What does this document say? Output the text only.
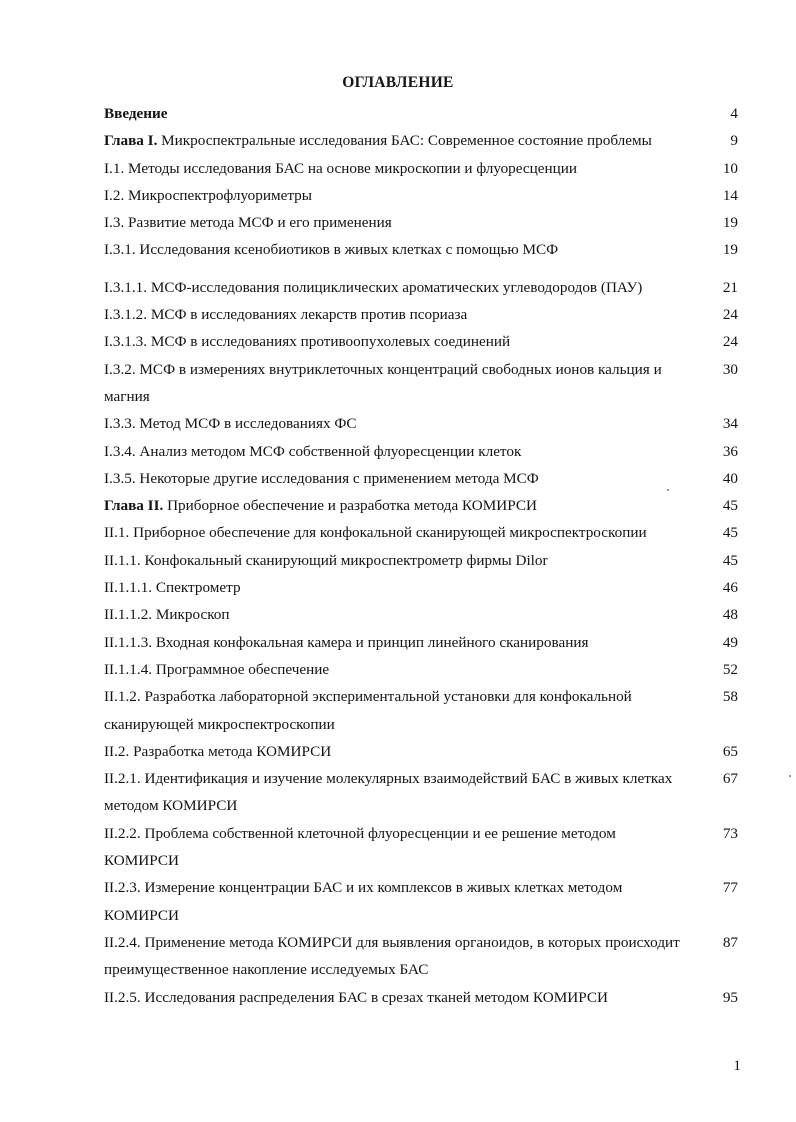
ОГЛАВЛЕНИЕ
Введение	4
Глава I. Микроспектральные исследования БАС: Современное состояние проблемы	9
I.1. Методы исследования БАС на основе микроскопии и флуоресценции	10
I.2. Микроспектрофлуориметры	14
I.3. Развитие метода МСФ и его применения	19
I.3.1. Исследования ксенобиотиков в живых клетках с помощью МСФ	19
I.3.1.1. МСФ-исследования полициклических ароматических углеводородов (ПАУ)	21
I.3.1.2. МСФ в исследованиях лекарств против псориаза	24
I.3.1.3. МСФ в исследованиях противоопухолевых соединений	24
I.3.2. МСФ в измерениях внутриклеточных концентраций свободных ионов кальция и магния
30
I.3.3. Метод МСФ в исследованиях ФС	34
I.3.4. Анализ методом МСФ собственной флуоресценции клеток	36
I.3.5. Некоторые другие исследования с применением метода МСФ	40
Глава II. Приборное обеспечение и разработка метода КОМИРСИ	45
II.1. Приборное обеспечение для конфокальной сканирующей микроспектроскопии	45
II.1.1. Конфокальный сканирующий микроспектрометр фирмы Dilor	45
II.1.1.1. Спектрометр	46
II.1.1.2. Микроскоп	48
II.1.1.3. Входная конфокальная камера и принцип линейного сканирования	49
II.1.1.4. Программное обеспечение	52
II.1.2. Разработка лабораторной экспериментальной установки для конфокальной сканирующей микроспектроскопии
58
II.2. Разработка метода КОМИРСИ	65
II.2.1. Идентификация и изучение молекулярных взаимодействий БАС в живых клетках методом КОМИРСИ
67
II.2.2. Проблема собственной клеточной флуоресценции и ее решение методом КОМИРСИ
73
II.2.3. Измерение концентрации БАС и их комплексов в живых клетках методом КОМИРСИ
77
II.2.4. Применение метода КОМИРСИ для выявления органоидов, в которых происходит преимущественное накопление исследуемых БАС
87
II.2.5. Исследования распределения БАС в срезах тканей методом КОМИРСИ	95
1
